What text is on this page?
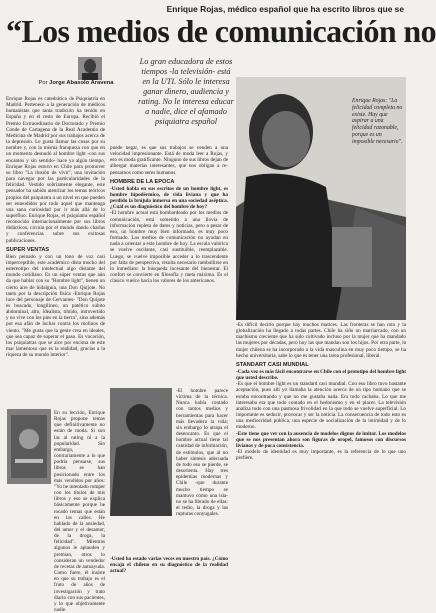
Enrique Rojas, médico español que ha escrito libros que se
“Los medios de comunicación no
Por Jorge Abasolo Aravena
Lo gran educadora de estos tiempos -la televisión- está en la UTI. Sólo le interesa ganar dinero, audiencia y rating. No le interesa educar a nadie, dice el afamado psiquiatra español
Enrique Rojas: "La felicidad completa no existe. Hay que aspirar a una felicidad razonable, porque es un imposible necesario".
Enrique Rojas es catedrático de Psiquiatría en Madrid. Pertenece a la generación de médicos humanistas que tanta tradición ha tenido en España y en el resto de Europa. Recibió el Premio Extraordinario de Doctorado y Premio Conde de Cartagena de la Real Academia de Medicina de Madrid por sus trabajos acerca de la depresión. Le gusta llamar las cosas por su nombre y, con la misma franqueza con que en un momento desnudó al hombre light -con sus encantos y sin sentido- hace ya algún tiempo, Enrique Rojas estuvo en Chile para promover su libro "La ilusión de vivir", una invitación para navegar por las particularidades de la felicidad. Vestido sobriamente elegante, este pensador ha sabido atenrizar los temas teóricos propios del psiquiatra a un nivel en que pueden ser entendidos por todo aquel que mantenga una sana curiosidad por ir más allá de lo superfluo. Enrique Rojas, el psiquiatra español reconocido internacionalmente por sus libros didácticos, circula por el mundo dando charlas y conferencias sobre sus exitosas publicaciones.
SUPER VENTAS
Bien peinado y con un tono de voz casi imperceptible, este académico dista mucho del estereotipo del intelectual algo distante del mundo cotidiano. Es un súper ventas que aún da que hablar con su "Hombre light", tienen un cierto aire de hidalguía, una Don Quijote. No tanto por la descripción física -Enrique Rojas luce del personaje de Cervantes- "Don Quijote es buscado, longilíneo, un patético súbito abdominal, alto, idealista, tímido, introvertido y no vive con los pies en la tierra", sino además por esa afán de luchar contra los molinos de viento. "Me gusta que la gente crea en ideales, que sea capaz de superar el paso. Es vocación, los psiquiatras que se alce por encima de este mar lamentoso que es la realidad, gracias a la riqueza de su mundo interior".
En su lección, Enrique Rojas propone temas que definitivamente no están de moda. Si son las al rating ni a la popularidad. Sin embargo, contrariamente a lo que podría pensarse, sus libros se han posicionado entre los más vendidos por años: "Yo he intentado romper con los títulos de mis libros y eso se explica básicamente porque he tocado temas que están en las calles. He hablado de la ansiedad, del amor y el desamor, de la droga, la felicidad". Mientras algunos le aplauden y premian, otros lo consideran un vendedor de recetas de autoayuda. Como fuere, él insiste en que su trabajo es el fruto de años de investigación y trato diario con sus pacientes, y lo que objetivamente nadie.
puede negar, es que sus trabajos se venden a una velocidad impresionante. Está de moda leer a Rojas, y eso es moda gratificante. Ninguno de sus libros dejan de albergar materias interesantes, que nos obligan a re-pensarnos como seres humanos.
HOMBRE DE LA EPOCA
-Usted habla en sus escritos de un hombre light, es hombre hipodérmico, de vida liviana y que ha perdido la brújula inmersa en una sociedad aséptica. ¿Cuál es un diagnóstico del hombre de hoy?
-El hombre actual está bombardeado por los medios de comunicación, está sometido a una llovia de información repleta de datos y noticias, pero a pesar de eso, un hombre muy bien informado, es muy poco formado. Los medios de comunicación no ayudan en nada a orientar a este hombre de hoy. La escala valórica se vuelve oscilante, casi sustituible, reemplazable. Luego, se vuelve imposible acceder a lo trascendente por falta de perspectiva, resulta necesario rambullirse en lo inmediato: la búsqueda incesante del bienestar. El confort se convierte en filosofía y meta máxima. Es el clásico vuelco hacia los valores de los americanos.
-El hombre parece víctima de la técnica. Nunca había contado con tantos medios y herramientas para hacer más llevadera la vida; sin embargo lo atrapa el desencanto. Es que el hombre actual tiene tal cantidad de información, de estímulos, que al no haber síntesis adecuada de todo eso se pierde, se desorienta. Hay tres epidemias modernas y Chile -que durante mucho tiempo se mantuvo como una isla- no se ha librado de ellas: el tedio, la droga y las rupturas conyugales.
-Usted ha estado varias veces en nuestro país. ¿Cómo encaja el chileno en su diagnóstico de la realidad actual?
-Es difícil decirlo porque hay muchos matices. Las fronteras se han roto y la globalización ha llegado a todas partes. Chile ha sido un matriarcado, con un machismo creciente que ha sido cultivado incluso por la mujer que ha mandado las mujeres por décadas, pero hoy las que mandan son los hijos. Por otra parte, la mujer chilena se ha incorporado a la vida masculina en muy poco tiempo, se ha hecho universitaria, sabe lo que es tener una tarea profesional, liberal.
STANDART CASI MUNDIAL
-Cada vez es más fácil encontrarse en Chile con el prototipo del hombre light que usted describe.
-Es que el hombre light es un standard casi mundial. Con eso libro tuvo bastante aceptación, pues allí yo llamaba la atención acerca de un tipo humano que se estaba encontrando y que no me gustaba nada. Era todo cachaba. Lo que me interesaba era que todo contado en el hedonismo y en el placer. La televisión analiza todo con una pasmosa frivolidad en la que todo se vuelve superficial. Lo importante es seducir, provocar y ser la noticia. La consecuencia de todo esto es una mediocridad pública, una especie de socialización de la intimidad y de lo moderno.
-Este tiene que ver con la ausencia de modelos dignos de imitar. Los modelos que se nos presentan ahora son figuras de oropel, famosos con discursos livianos y de poca consistencia.
-El modelo de identidad es muy importante, es la referencia de lo que uno prefiere.
